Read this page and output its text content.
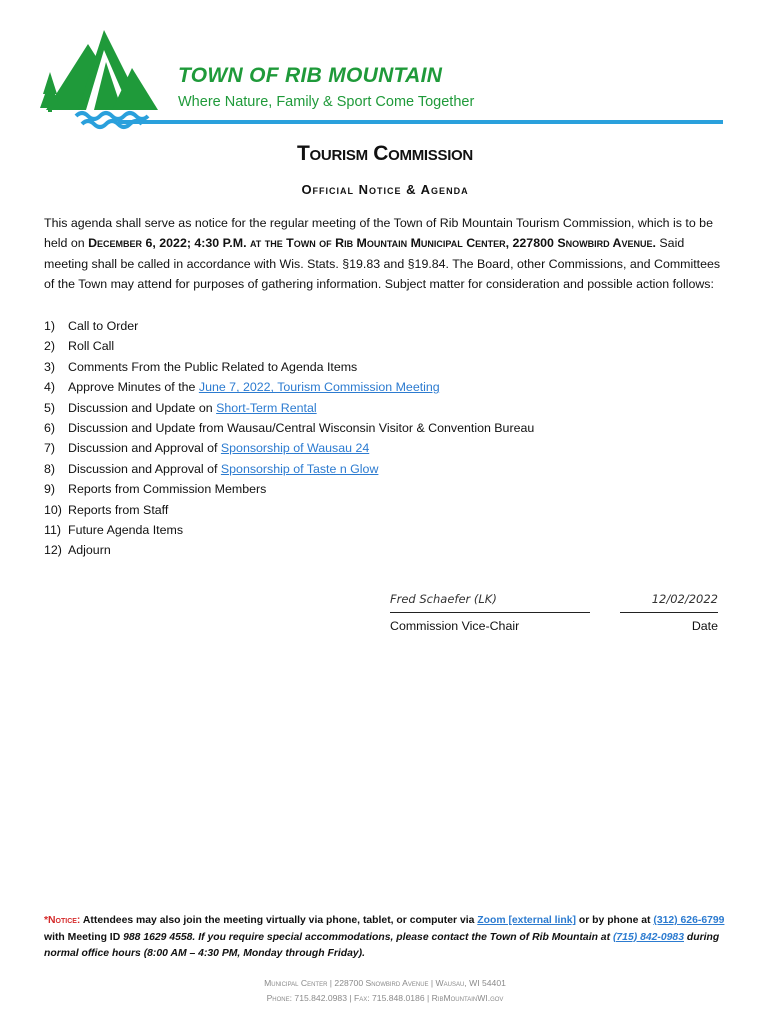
TOWN OF RIB MOUNTAIN
Where Nature, Family & Sport Come Together
Tourism Commission
Official Notice & Agenda

This agenda shall serve as notice for the regular meeting of the Town of Rib Mountain Tourism Commission, which is to be held on December 6, 2022; 4:30 P.M. at the Town of Rib Mountain Municipal Center, 227800 Snowbird Avenue. Said meeting shall be called in accordance with Wis. Stats. §19.83 and §19.84. The Board, other Commissions, and Committees of the Town may attend for purposes of gathering information. Subject matter for consideration and possible action follows:

1) Call to Order
2) Roll Call
3) Comments From the Public Related to Agenda Items
4) Approve Minutes of the June 7, 2022, Tourism Commission Meeting
5) Discussion and Update on Short-Term Rental
6) Discussion and Update from Wausau/Central Wisconsin Visitor & Convention Bureau
7) Discussion and Approval of Sponsorship of Wausau 24
8) Discussion and Approval of Sponsorship of Taste n Glow
9) Reports from Commission Members
10) Reports from Staff
11) Future Agenda Items
12) Adjourn
Fred Schaefer (LK)
Commission Vice-Chair
12/02/2022
Date

*Notice: Attendees may also join the meeting virtually via phone, tablet, or computer via Zoom [external link] or by phone at (312) 626-6799 with Meeting ID 988 1629 4558. If you require special accommodations, please contact the Town of Rib Mountain at (715) 842-0983 during normal office hours (8:00 AM – 4:30 PM, Monday through Friday).

Municipal Center | 228700 Snowbird Avenue | Wausau, WI 54401
Phone: 715.842.0983 | Fax: 715.848.0186 | RibMountainWI.gov
